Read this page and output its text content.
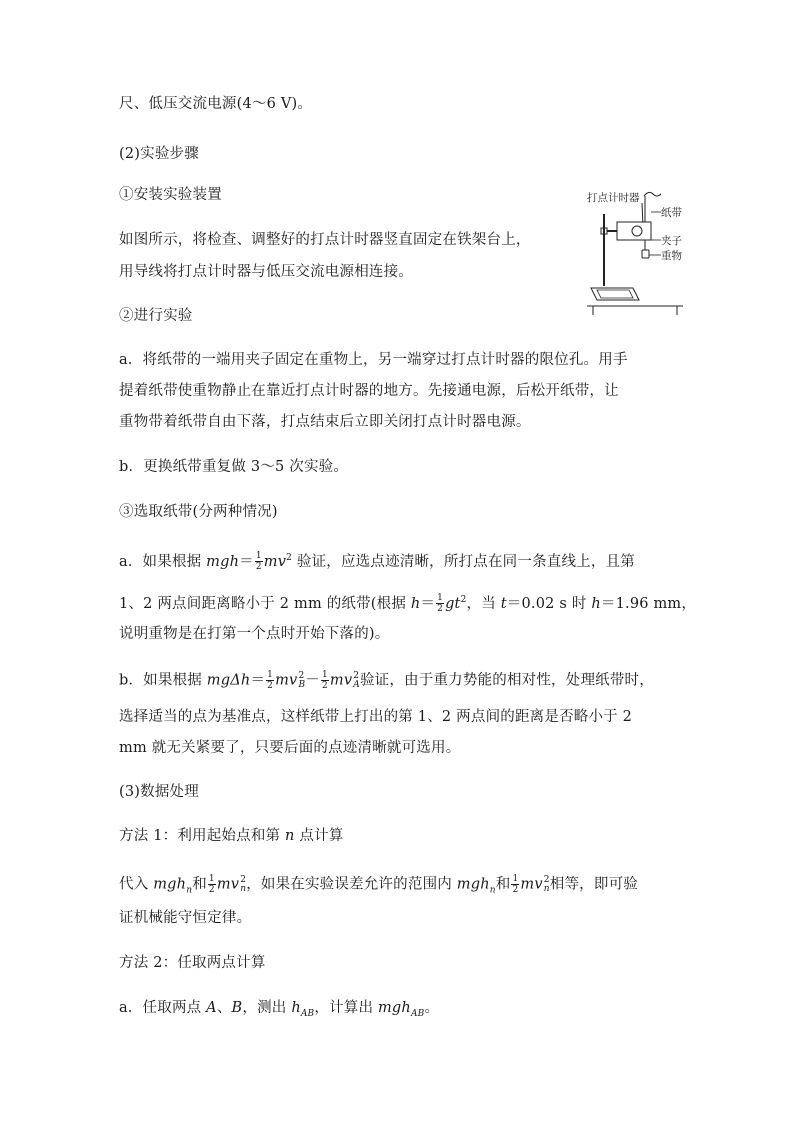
尺、低压交流电源(4～6 V)。

(2)实验步骤

①安装实验装置

如图所示，将检查、调整好的打点计时器竖直固定在铁架台上，

用导线将打点计时器与低压交流电源相连接。

②进行实验

a．将纸带的一端用夹子固定在重物上，另一端穿过打点计时器的限位孔。用手

提着纸带使重物静止在靠近打点计时器的地方。先接通电源，后松开纸带，让

重物带着纸带自由下落，打点结束后立即关闭打点计时器电源。

b．更换纸带重复做 3～5 次实验。

③选取纸带(分两种情况)

a．如果根据 $mgh= \frac{1}{2} mv^2$ 验证，应选点迹清晰，所打点在同一条直线上，且第

1、2 两点间距离略小于 2 mm 的纸带(根据 $h= \frac{1}{2} gt^2$，当 t＝0.02 s 时 h＝1.96 mm，

说明重物是在打第一个点时开始下落的)。

b．如果根据 $mg\Delta h= \frac{1}{2}$ mv 2
$B - \frac{1}{2}$ mv 2
A 验证，由于重力势能的相对性，处理纸带时，

选择适当的点为基准点，这样纸带上打出的第 1、2 两点间的距离是否略小于 2

mm 就无关紧要了，只要后面的点迹清晰就可选用。

(3)数据处理

方法 1：利用起始点和第 n 点计算

代入 mgh$_n$和 $\frac{1}{2}$ mv 2
n ，如果在实验误差允许的范围内 mgh$_n$和 $\frac{1}{2}$ mv 2
n 相等，即可验

证机械能守恒定律。

方法 2：任取两点计算

a．任取两点 A、B，测出 $h_{AB}$，计算出 mgh$_{AB}$。

打点计时器
纸带
夹子
重物
